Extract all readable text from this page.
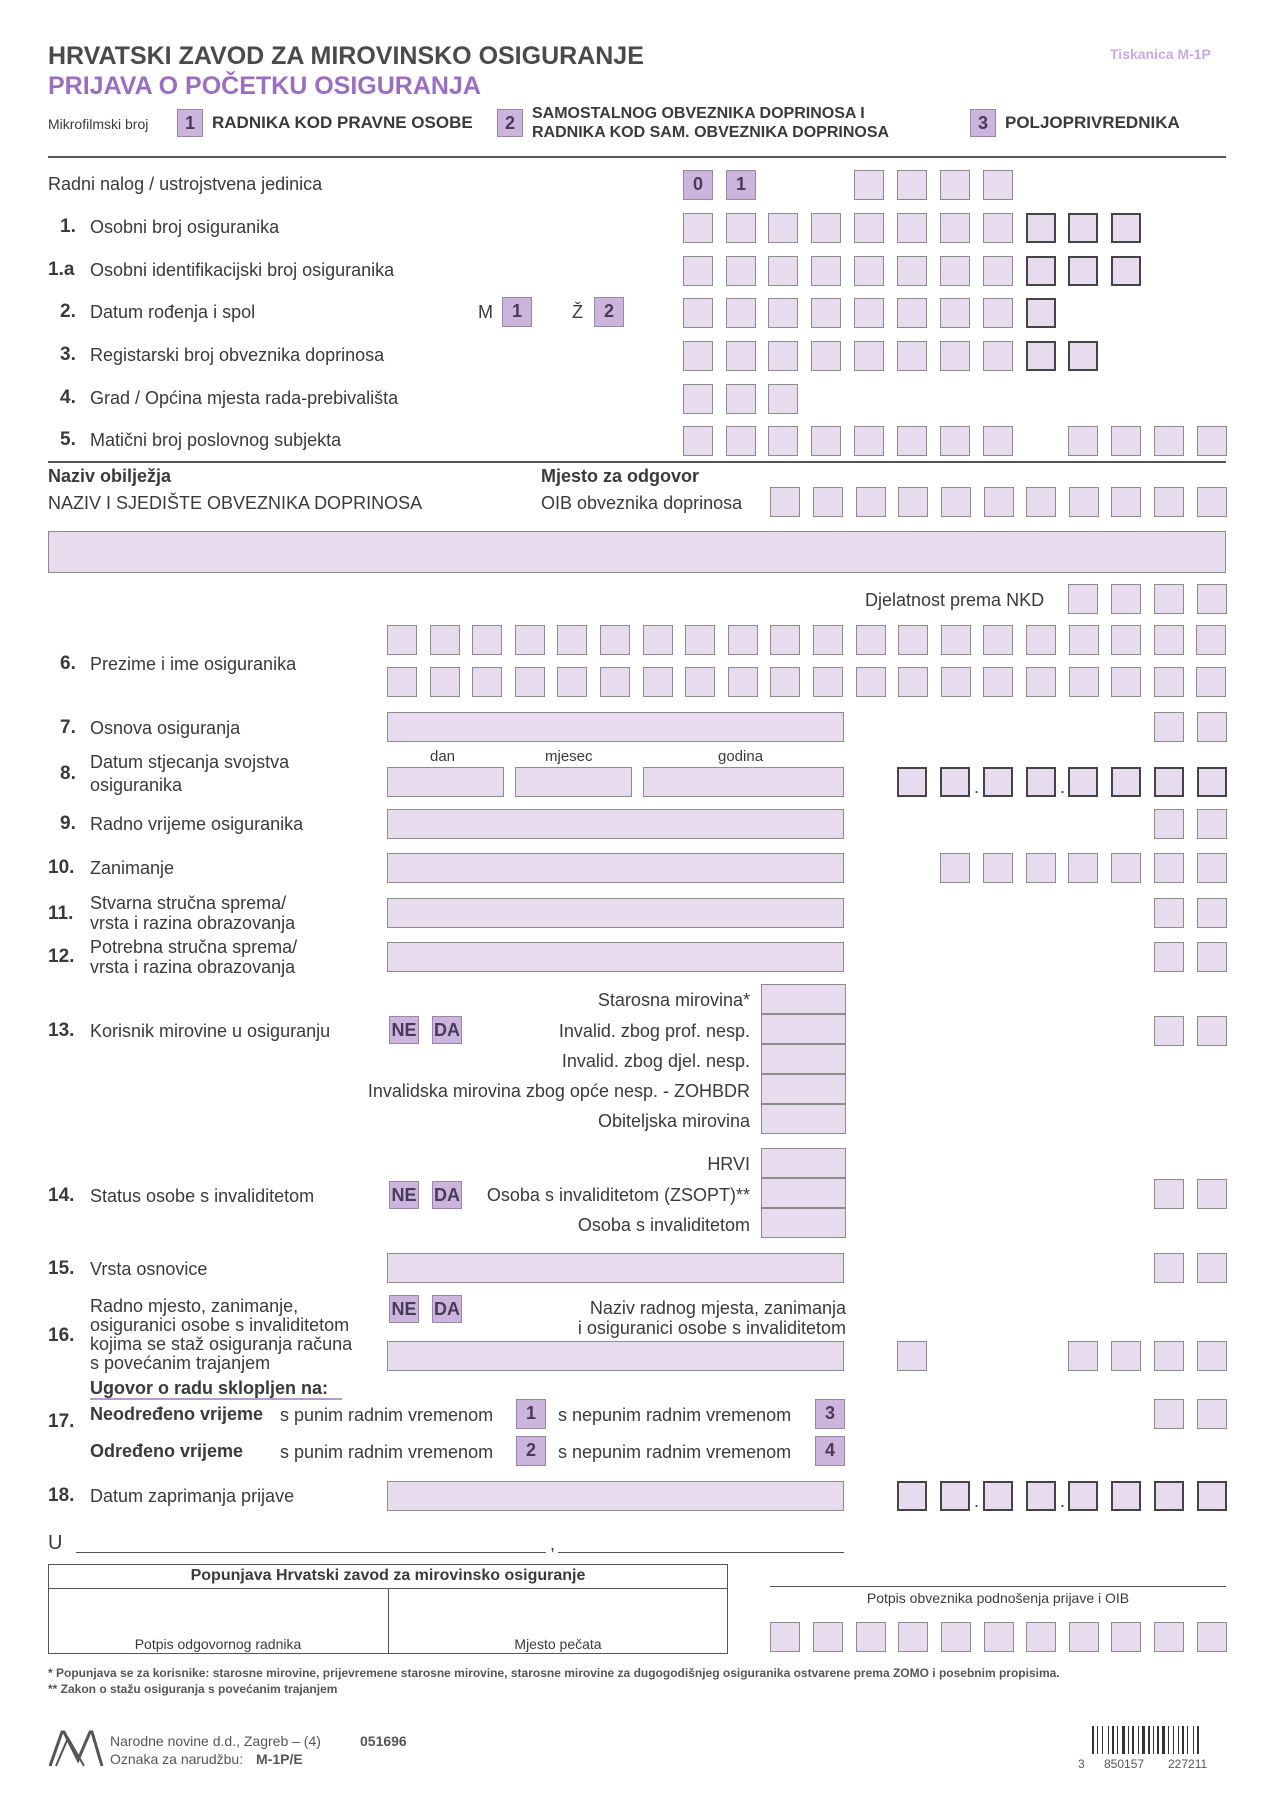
HRVATSKI ZAVOD ZA MIROVINSKO OSIGURANJE
PRIJAVA O POČETKU OSIGURANJA
Tiskanica M-1P
Mikrofilmski broj	1	RADNIKA KOD PRAVNE OSOBE	2	SAMOSTALNOG OBVEZNIKA DOPRINOSA I
RADNIKA KOD SAM. OBVEZNIKA DOPRINOSA	3	POLJOPRIVREDNIKA
Radni nalog / ustrojstvena jedinica	0	1
1. Osobni broj osiguranika
1.a Osobni identifikacijski broj osiguranika
2. Datum rođenja i spol	M	1	Ž	2
3. Registarski broj obveznika doprinosa
4. Grad / Općina mjesta rada-prebivališta
5. Matični broj poslovnog subjekta
Naziv obilježja	Mjesto za odgovor
NAZIV I SJEDIŠTE OBVEZNIKA DOPRINOSA	OIB obveznika doprinosa
Djelatnost prema NKD
6. Prezime i ime osiguranika
7. Osnova osiguranja
8.
Datum stjecanja svojstva
osiguranika
dan	mjesec	godina
.	.
9. Radno vrijeme osiguranika
10. Zanimanje
11. Stvarna stručna sprema/
vrsta i razina obrazovanja
12. Potrebna stručna sprema/
vrsta i razina obrazovanja
13. Korisnik mirovine u osiguranju	NE DA
Starosna mirovina*
Invalid. zbog prof. nesp.
Invalid. zbog djel. nesp.
Invalidska mirovina zbog opće nesp. - ZOHBDR
Obiteljska mirovina
HRVI
14. Status osobe s invaliditetom	NE DA Osoba s invaliditetom (ZSOPT)**
Osoba s invaliditetom
15. Vrsta osnovice
16.
Radno mjesto, zanimanje,
osiguranici osobe s invaliditetom
kojima se staž osiguranja računa
s povećanim trajanjem
NE DA	Naziv radnog mjesta, zanimanja
i osiguranici osobe s invaliditetom
Ugovor o radu sklopljen na:
17. Neodređeno vrijeme s punim radnim vremenom	1	s nepunim radnim vremenom	3
Određeno vrijeme s punim radnim vremenom	2	s nepunim radnim vremenom	4
18. Datum zaprimanja prijave	.	.
U	,
Popunjava Hrvatski zavod za mirovinsko osiguranje
Potpis odgovornog radnika	Mjesto pečata
Potpis obveznika podnošenja prijave i OIB
* Popunjava se za korisnike: starosne mirovine, prijevremene starosne mirovine, starosne mirovine za dugogodišnjeg osiguranika ostvarene prema ZOMO i posebnim propisima.
** Zakon o stažu osiguranja s povećanim trajanjem
Narodne novine d.d., Zagreb – (4)	051696
Oznaka za narudžbu: M-1P/E	3 850157 227211
